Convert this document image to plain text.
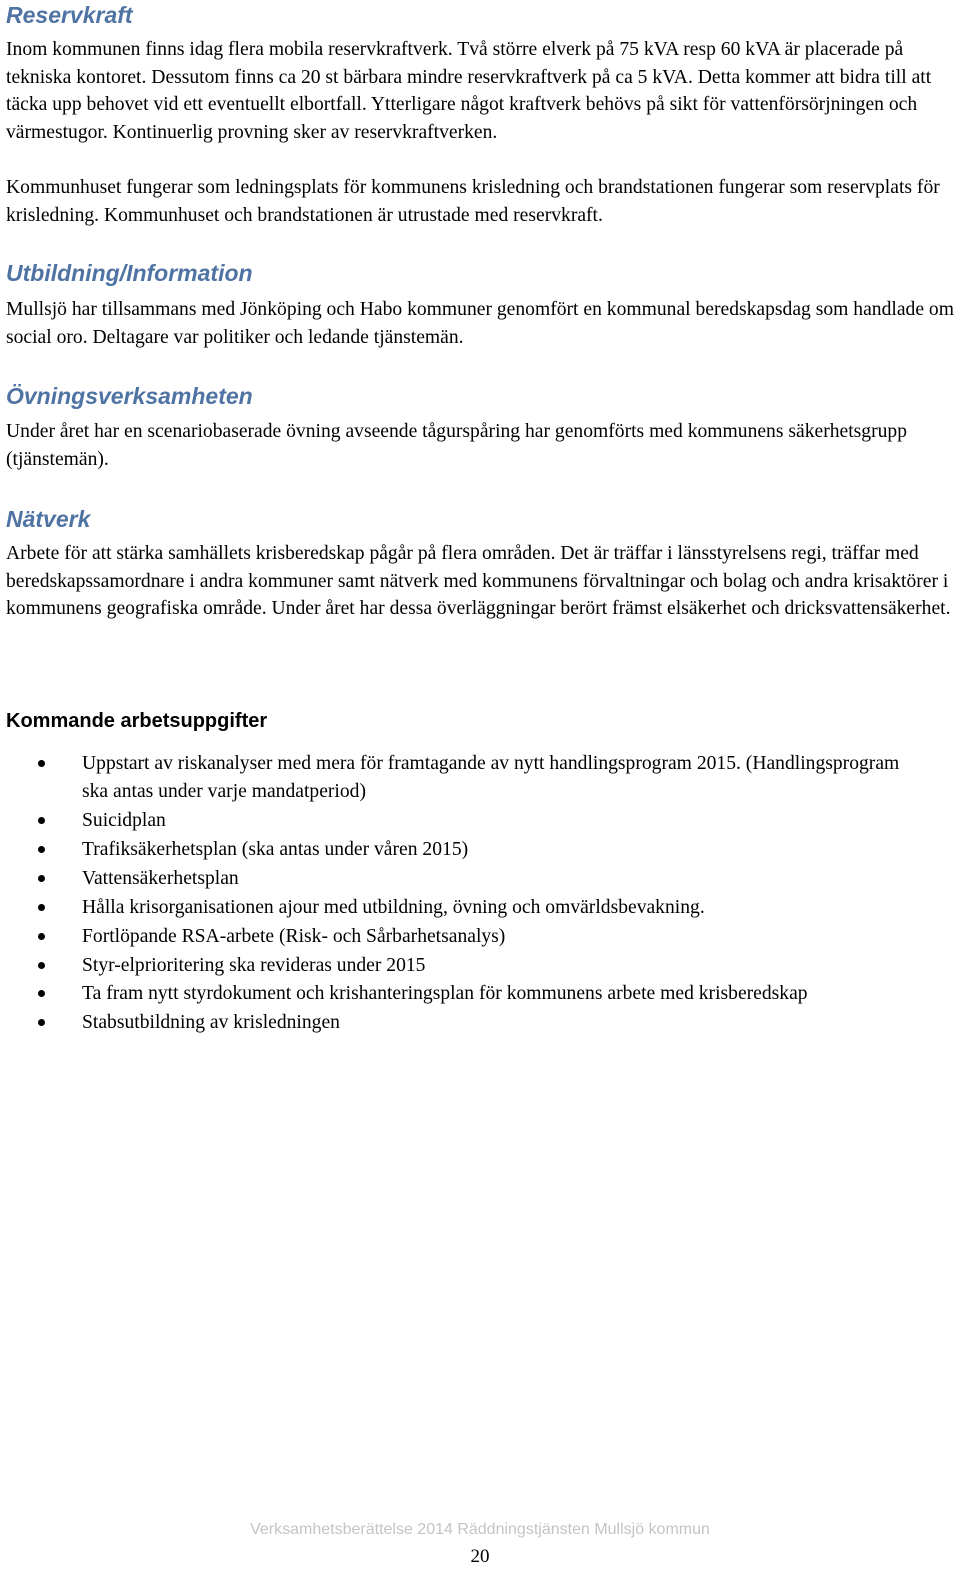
Reservkraft

Inom kommunen finns idag flera mobila reservkraftverk. Två större elverk på 75 kVA resp 60 kVA är placerade på tekniska kontoret. Dessutom finns ca 20 st bärbara mindre reservkraftverk på ca 5 kVA. Detta kommer att bidra till att täcka upp behovet vid ett eventuellt elbortfall. Ytterligare något kraftverk behövs på sikt för vattenförsörjningen och värmestugor. Kontinuerlig provning sker av reservkraftverken.

Kommunhuset fungerar som ledningsplats för kommunens krisledning och brandstationen fungerar som reservplats för krisledning. Kommunhuset och brandstationen är utrustade med reservkraft.

Utbildning/Information

Mullsjö har tillsammans med Jönköping och Habo kommuner genomfört en kommunal beredskapsdag som handlade om social oro. Deltagare var politiker och ledande tjänstemän.

Övningsverksamheten

Under året har en scenariobaserade övning avseende tågurspåring har genomförts med kommunens säkerhetsgrupp (tjänstemän).

Nätverk

Arbete för att stärka samhällets krisberedskap pågår på flera områden. Det är träffar i länsstyrelsens regi, träffar med beredskapssamordnare i andra kommuner samt nätverk med kommunens förvaltningar och bolag och andra krisaktörer i kommunens geografiska område. Under året har dessa överläggningar berört främst elsäkerhet och dricksvattensäkerhet.

Kommande arbetsuppgifter
Uppstart av riskanalyser med mera för framtagande av nytt handlingsprogram 2015. (Handlingsprogram ska antas under varje mandatperiod)
Suicidplan
Trafiksäkerhetsplan (ska antas under våren 2015)
Vattensäkerhetsplan
Hålla krisorganisationen ajour med utbildning, övning och omvärldsbevakning.
Fortlöpande RSA-arbete (Risk- och Sårbarhetsanalys)
Styr-elprioritering ska revideras under 2015
Ta fram nytt styrdokument och krishanteringsplan för kommunens arbete med krisberedskap
Stabsutbildning av krisledningen
Verksamhetsberättelse 2014 Räddningstjänsten Mullsjö kommun
20
